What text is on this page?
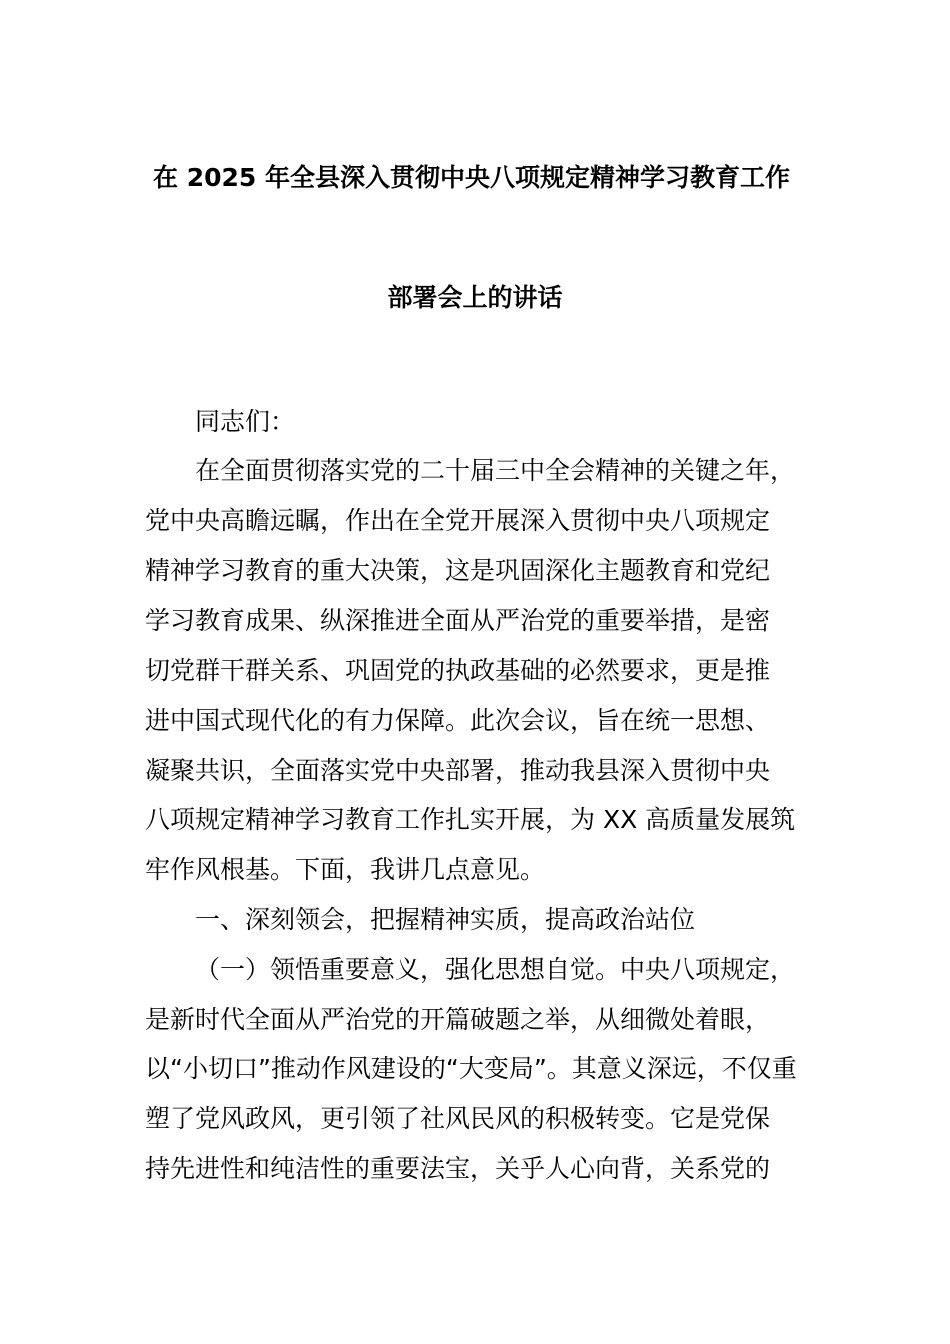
在 2025 年全县深入贯彻中央八项规定精神学习教育工作
部署会上的讲话
同志们：
在全面贯彻落实党的二十届三中全会精神的关键之年，
党中央高瞻远瞩，作出在全党开展深入贯彻中央八项规定
精神学习教育的重大决策，这是巩固深化主题教育和党纪
学习教育成果、纵深推进全面从严治党的重要举措，是密
切党群干群关系、巩固党的执政基础的必然要求，更是推
进中国式现代化的有力保障。此次会议，旨在统一思想、
凝聚共识，全面落实党中央部署，推动我县深入贯彻中央
八项规定精神学习教育工作扎实开展，为 XX 高质量发展筑
牢作风根基。下面，我讲几点意见。
一、深刻领会，把握精神实质，提高政治站位
（一）领悟重要意义，强化思想自觉。中央八项规定，
是新时代全面从严治党的开篇破题之举，从细微处着眼，
以“小切口”推动作风建设的“大变局”。其意义深远，不仅重
塑了党风政风，更引领了社风民风的积极转变。它是党保
持先进性和纯洁性的重要法宝，关乎人心向背，关系党的
